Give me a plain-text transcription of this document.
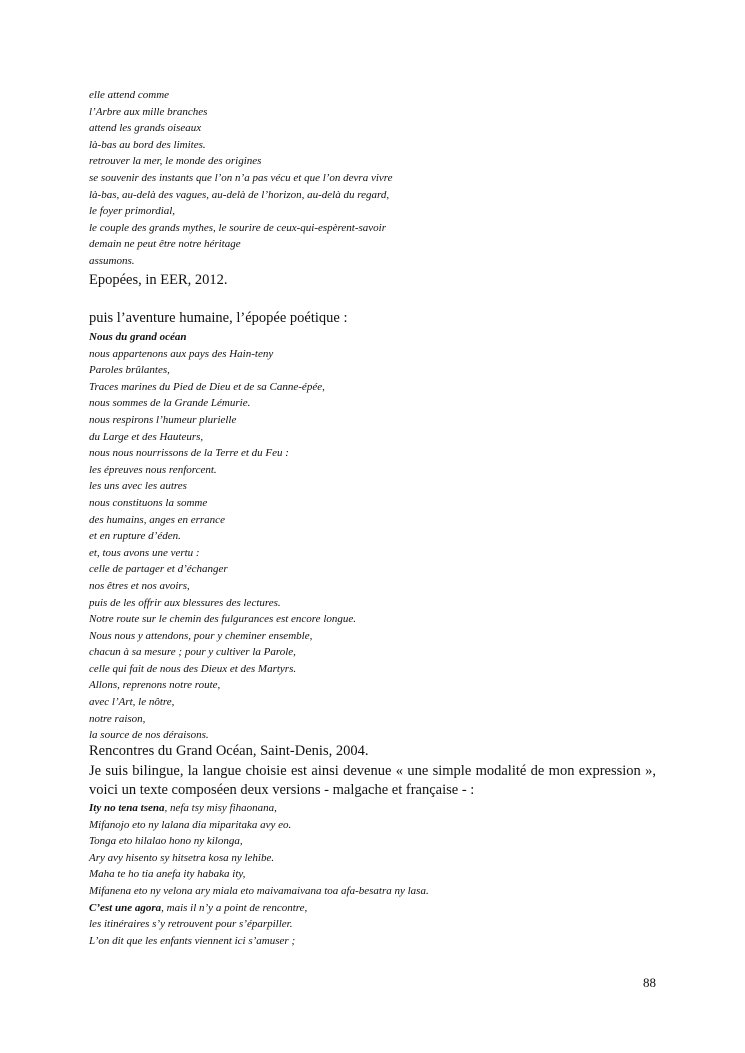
elle attend comme
l’Arbre aux mille branches
attend les grands oiseaux
là-bas au bord des limites.
retrouver la mer, le monde des origines
se souvenir des instants que l’on n’a pas vécu et que l’on devra vivre
là-bas, au-delà des vagues, au-delà de l’horizon, au-delà du regard,
le foyer primordial,
le couple des grands mythes, le sourire de ceux-qui-espèrent-savoir
demain ne peut être notre héritage
assumons.

Epopées, in EER, 2012.

puis l’aventure humaine, l’épopée poétique :

Nous du grand océan
nous appartenons aux pays des Hain-teny
Paroles brûlantes,
Traces marines du Pied de Dieu et de sa Canne-épée,
nous sommes de la Grande Lémurie.
nous respirons l’humeur plurielle
du Large et des Hauteurs,
nous nous nourrissons de la Terre et du Feu :
les épreuves nous renforcent.
les uns avec les autres
nous constituons la somme
des humains, anges en errance
et en rupture d’éden.
et, tous avons une vertu :
celle de partager et d’échanger
nos êtres et nos avoirs,
puis de les offrir aux blessures des lectures.
Notre route sur le chemin des fulgurances est encore longue.
Nous nous y attendons, pour y cheminer ensemble,
chacun à sa mesure ; pour y cultiver la Parole,
celle qui fait de nous des Dieux et des Martyrs.
Allons, reprenons notre route,
avec l’Art, le nôtre,
notre raison,
la source de nos déraisons.

Rencontres du Grand Océan, Saint-Denis, 2004.

Je suis bilingue, la langue choisie est ainsi devenue « une simple modalité de mon expression », voici un texte composéen deux versions - malgache et française - :

Ity no tena tsena, nefa tsy misy fihaonana,
Mifanojo eto ny lalana dia miparitaka avy eo.
Tonga eto hilalao hono ny kilonga,
Ary avy hisento sy hitsetra kosa ny lehibe.
Maha te ho tia anefa ity habaka ity,
Mifanena eto ny velona ary miala eto maivamaivana toa afa-besatra ny lasa.
C’est une agora, mais il n’y a point de rencontre,
les itinéraires s’y retrouvent pour s’éparpiller.
L’on dit que les enfants viennent ici s’amuser ;
88
